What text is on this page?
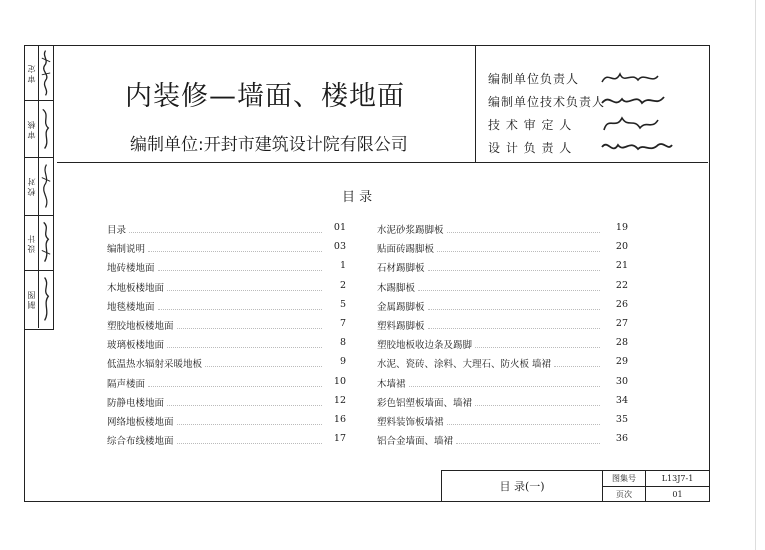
审定
审核
校对
设计
制图
内装修—墙面、楼地面
编制单位:开封市建筑设计院有限公司
编制单位负责人
编制单位技术负责人
技 术 审 定 人
设 计 负 责 人
目 录
目录	01
编制说明	03
地砖楼地面	1
木地板楼地面	2
地毯楼地面	5
塑胶地板楼地面	7
玻璃板楼地面	8
低温热水辐射采暖地板	9
隔声楼面	10
防静电楼地面	12
网络地板楼地面	16
综合布线楼地面	17
水泥砂浆踢脚板	19
贴面砖踢脚板	20
石材踢脚板	21
木踢脚板	22
金属踢脚板	26
塑料踢脚板	27
塑胶地板收边条及踢脚	28
水泥、瓷砖、涂料、大理石、防火板 墙裙	29
木墙裙	30
彩色铝塑板墙面、墙裙	34
塑料装饰板墙裙	35
铝合金墙面、墙裙	36
目 录(一)
图集号	L13J7-1
页次	01
